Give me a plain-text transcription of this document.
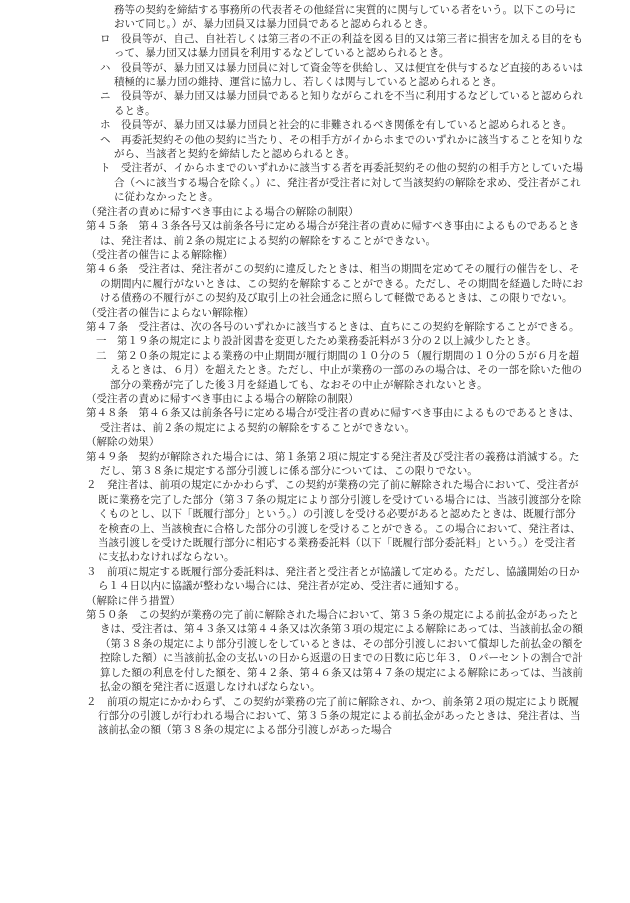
務等の契約を締結する事務所の代表者その他経営に実質的に関与している者をいう。以下この号において同じ。）が、暴力団員又は暴力団員であると認められるとき。

ロ　役員等が、自己、自社若しくは第三者の不正の利益を図る目的又は第三者に損害を加える目的をもって、暴力団又は暴力団員を利用するなどしていると認められるとき。

ハ　役員等が、暴力団又は暴力団員に対して資金等を供給し、又は便宜を供与するなど直接的あるいは積極的に暴力団の維持、運営に協力し、若しくは関与していると認められるとき。

ニ　役員等が、暴力団又は暴力団員であると知りながらこれを不当に利用するなどしていると認められるとき。

ホ　役員等が、暴力団又は暴力団員と社会的に非難されるべき関係を有していると認められるとき。

ヘ　再委託契約その他の契約に当たり、その相手方がイからホまでのいずれかに該当することを知りながら、当該者と契約を締結したと認められるとき。

ト　受注者が、イからホまでのいずれかに該当する者を再委託契約その他の契約の相手方としていた場合（ヘに該当する場合を除く。）に、発注者が受注者に対して当該契約の解除を求め、受注者がこれに従わなかったとき。

（発注者の責めに帰すべき事由による場合の解除の制限）

第４５条　第４３条各号又は前条各号に定める場合が発注者の責めに帰すべき事由によるものであるときは、発注者は、前２条の規定による契約の解除をすることができない。

（受注者の催告による解除権）

第４６条　受注者は、発注者がこの契約に違反したときは、相当の期間を定めてその履行の催告をし、その期間内に履行がないときは、この契約を解除することができる。ただし、その期間を経過した時における債務の不履行がこの契約及び取引上の社会通念に照らして軽微であるときは、この限りでない。

（受注者の催告によらない解除権）

第４７条　受注者は、次の各号のいずれかに該当するときは、直ちにこの契約を解除することができる。

一　第１９条の規定により設計図書を変更したため業務委託料が３分の２以上減少したとき。

二　第２０条の規定による業務の中止期間が履行期間の１０分の５（履行期間の１０分の５が６月を超えるときは、６月）を超えたとき。ただし、中止が業務の一部のみの場合は、その一部を除いた他の部分の業務が完了した後３月を経過しても、なおその中止が解除されないとき。

（受注者の責めに帰すべき事由による場合の解除の制限）

第４８条　第４６条又は前条各号に定める場合が受注者の責めに帰すべき事由によるものであるときは、受注者は、前２条の規定による契約の解除をすることができない。

（解除の効果）

第４９条　契約が解除された場合には、第１条第２項に規定する発注者及び受注者の義務は消滅する。ただし、第３８条に規定する部分引渡しに係る部分については、この限りでない。

２　発注者は、前項の規定にかかわらず、この契約が業務の完了前に解除された場合において、受注者が既に業務を完了した部分（第３７条の規定により部分引渡しを受けている場合には、当該引渡部分を除くものとし、以下「既履行部分」という。）の引渡しを受ける必要があると認めたときは、既履行部分を検査の上、当該検査に合格した部分の引渡しを受けることができる。この場合において、発注者は、当該引渡しを受けた既履行部分に相応する業務委託料（以下「既履行部分委託料」という。）を受注者に支払わなければならない。

３　前項に規定する既履行部分委託料は、発注者と受注者とが協議して定める。ただし、協議開始の日から１４日以内に協議が整わない場合には、発注者が定め、受注者に通知する。

（解除に伴う措置）

第５０条　この契約が業務の完了前に解除された場合において、第３５条の規定による前払金があったときは、受注者は、第４３条又は第４４条又は次条第３項の規定による解除にあっては、当該前払金の額（第３８条の規定により部分引渡しをしているときは、その部分引渡しにおいて償却した前払金の額を控除した額）に当該前払金の支払いの日から返還の日までの日数に応じ年３．０パーセントの割合で計算した額の利息を付した額を、第４２条、第４６条又は第４７条の規定による解除にあっては、当該前払金の額を発注者に返還しなければならない。

２　前項の規定にかかわらず、この契約が業務の完了前に解除され、かつ、前条第２項の規定により既履行部分の引渡しが行われる場合において、第３５条の規定による前払金があったときは、発注者は、当該前払金の額（第３８条の規定による部分引渡しがあった場合
